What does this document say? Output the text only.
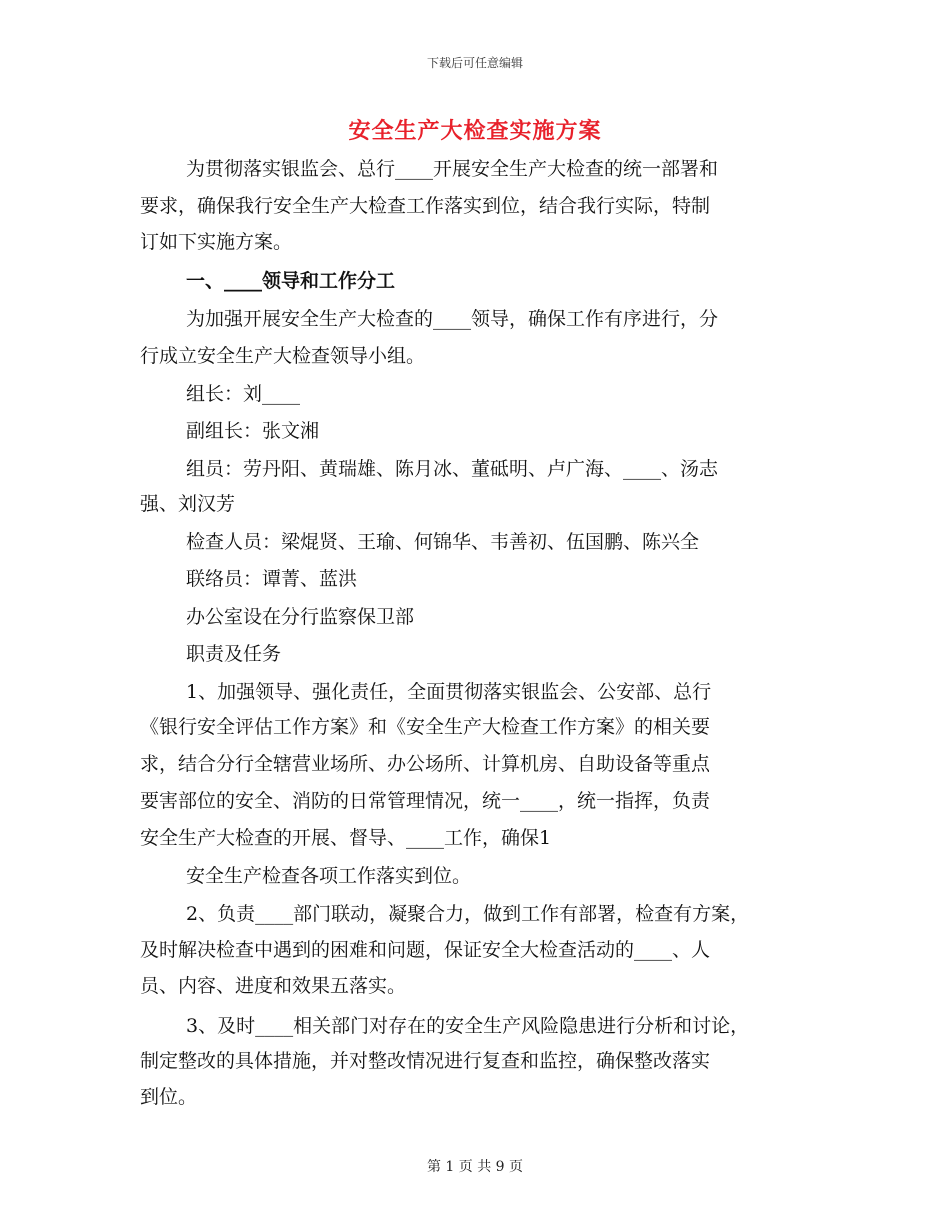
下载后可任意编辑
安全生产大检查实施方案
为贯彻落实银监会、总行____开展安全生产大检查的统一部署和
要求，确保我行安全生产大检查工作落实到位，结合我行实际，特制
订如下实施方案。
一、____领导和工作分工
为加强开展安全生产大检查的____领导，确保工作有序进行，分
行成立安全生产大检查领导小组。
组长：刘____
副组长：张文湘
组员：劳丹阳、黄瑞雄、陈月冰、董砥明、卢广海、____、汤志
强、刘汉芳
检查人员：梁焜贤、王瑜、何锦华、韦善初、伍国鹏、陈兴全
联络员：谭菁、蓝洪
办公室设在分行监察保卫部
职责及任务
1、加强领导、强化责任，全面贯彻落实银监会、公安部、总行
《银行安全评估工作方案》和《安全生产大检查工作方案》的相关要
求，结合分行全辖营业场所、办公场所、计算机房、自助设备等重点
要害部位的安全、消防的日常管理情况，统一____，统一指挥，负责
安全生产大检查的开展、督导、____工作，确保1
安全生产检查各项工作落实到位。
2、负责____部门联动，凝聚合力，做到工作有部署，检查有方案，
及时解决检查中遇到的困难和问题，保证安全大检查活动的____、人
员、内容、进度和效果五落实。
3、及时____相关部门对存在的安全生产风险隐患进行分析和讨论，
制定整改的具体措施，并对整改情况进行复查和监控，确保整改落实
到位。
第 1 页 共 9 页
